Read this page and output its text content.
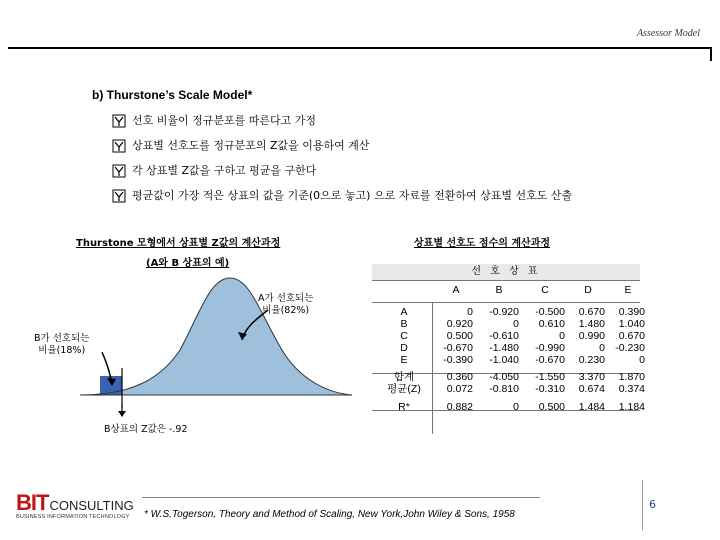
Assessor Model
b) Thurstone’s Scale Model*
선호 비율이 정규분포를 따른다고 가정
상표별 선호도를 정규분포의 Z값을 이용하여 계산
각 상표별 Z값을 구하고 평균을 구한다
평균값이 가장 적은 상표의 값을 기준(0으로 놓고) 으로 자료를 전환하여 상표별 선호도 산출
Thurstone 모형에서 상표별 Z값의 계산과정
(A와 B 상표의 예)
A가 선호되는
비율(82%)
B가 선호되는
비율(18%)
B상표의 Z값은 -.92
상표별 선호도 점수의 계산과정
선 호 상 표
	A	B	C	D	E

A	0	-0.920	-0.500	0.670	0.390
B	0.920	0	0.610	1.480	1.040
C	0.500	-0.610	0	0.990	0.670
D	-0.670	-1.480	-0.990	0	-0.230
E	-0.390	-1.040	-0.670	0.230	0

합계	0.360	-4.050	-1.550	3.370	1.870
평균(Z)	0.072	-0.810	-0.310	0.674	0.374

R*	0.882	0	0.500	1.484	1.184
BIT CONSULTING
BUSINESS INFORMATION TECHNOLOGY	* W.S.Togerson, Theory and Method of Scaling, New York,John Wiley & Sons, 1958
6
